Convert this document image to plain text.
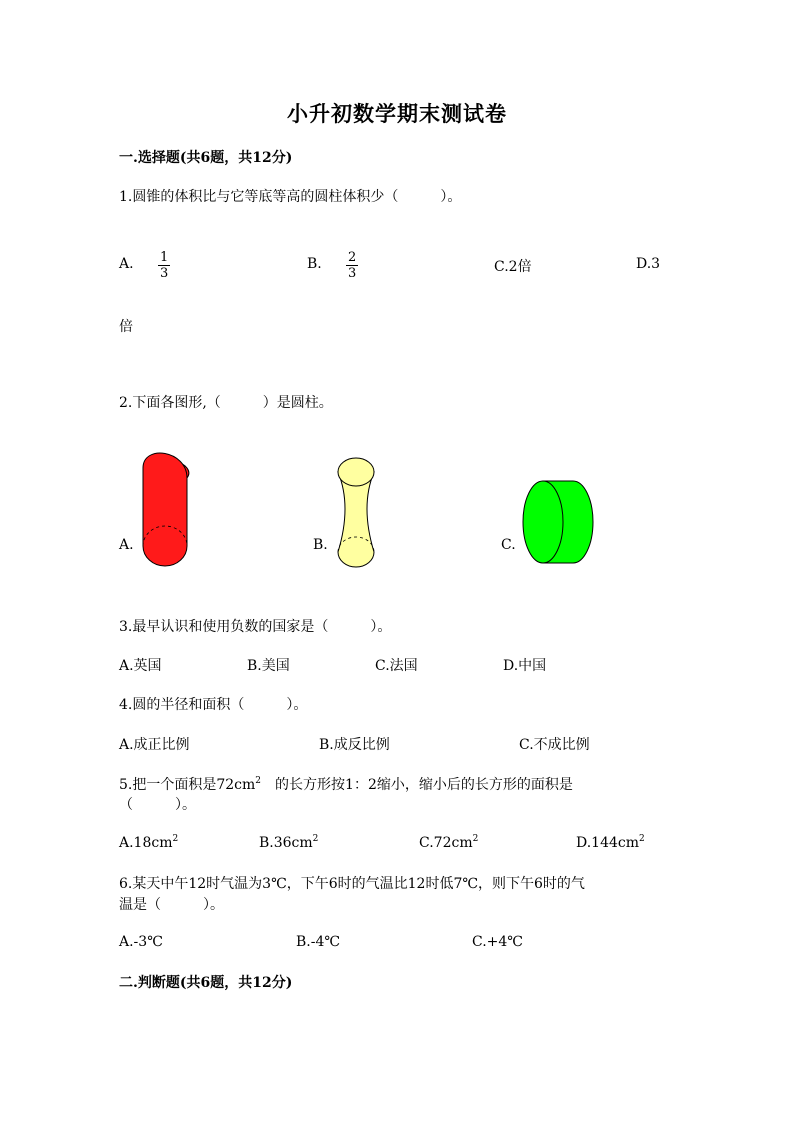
小升初数学期末测试卷
一.选择题(共6题，共12分)
1.圆锥的体积比与它等底等高的圆柱体积少（　　　）。
A. $\frac{1}{3}$	B. $\frac{2}{3}$	C.2倍	D.3
倍
2.下面各图形,（　　　）是圆柱。
A.	B.	C.
3.最早认识和使用负数的国家是（　　　）。
A.英国	B.美国	C.法国	D.中国
4.圆的半径和面积（　　　）。
A.成正比例	B.成反比例	C.不成比例
5.把一个面积是$72cm^2$　的长方形按1：2缩小，缩小后的长方形的面积是
（　　　）。
$A.18cm^2$	$B.36cm^2$	$C.72cm^2$	$D.144cm^2$
6.某天中午12时气温为3℃，下午6时的气温比12时低7℃，则下午6时的气
温是（　　　）。
A.-3℃	B.-4℃	C.+4℃
二.判断题(共6题，共12分)
